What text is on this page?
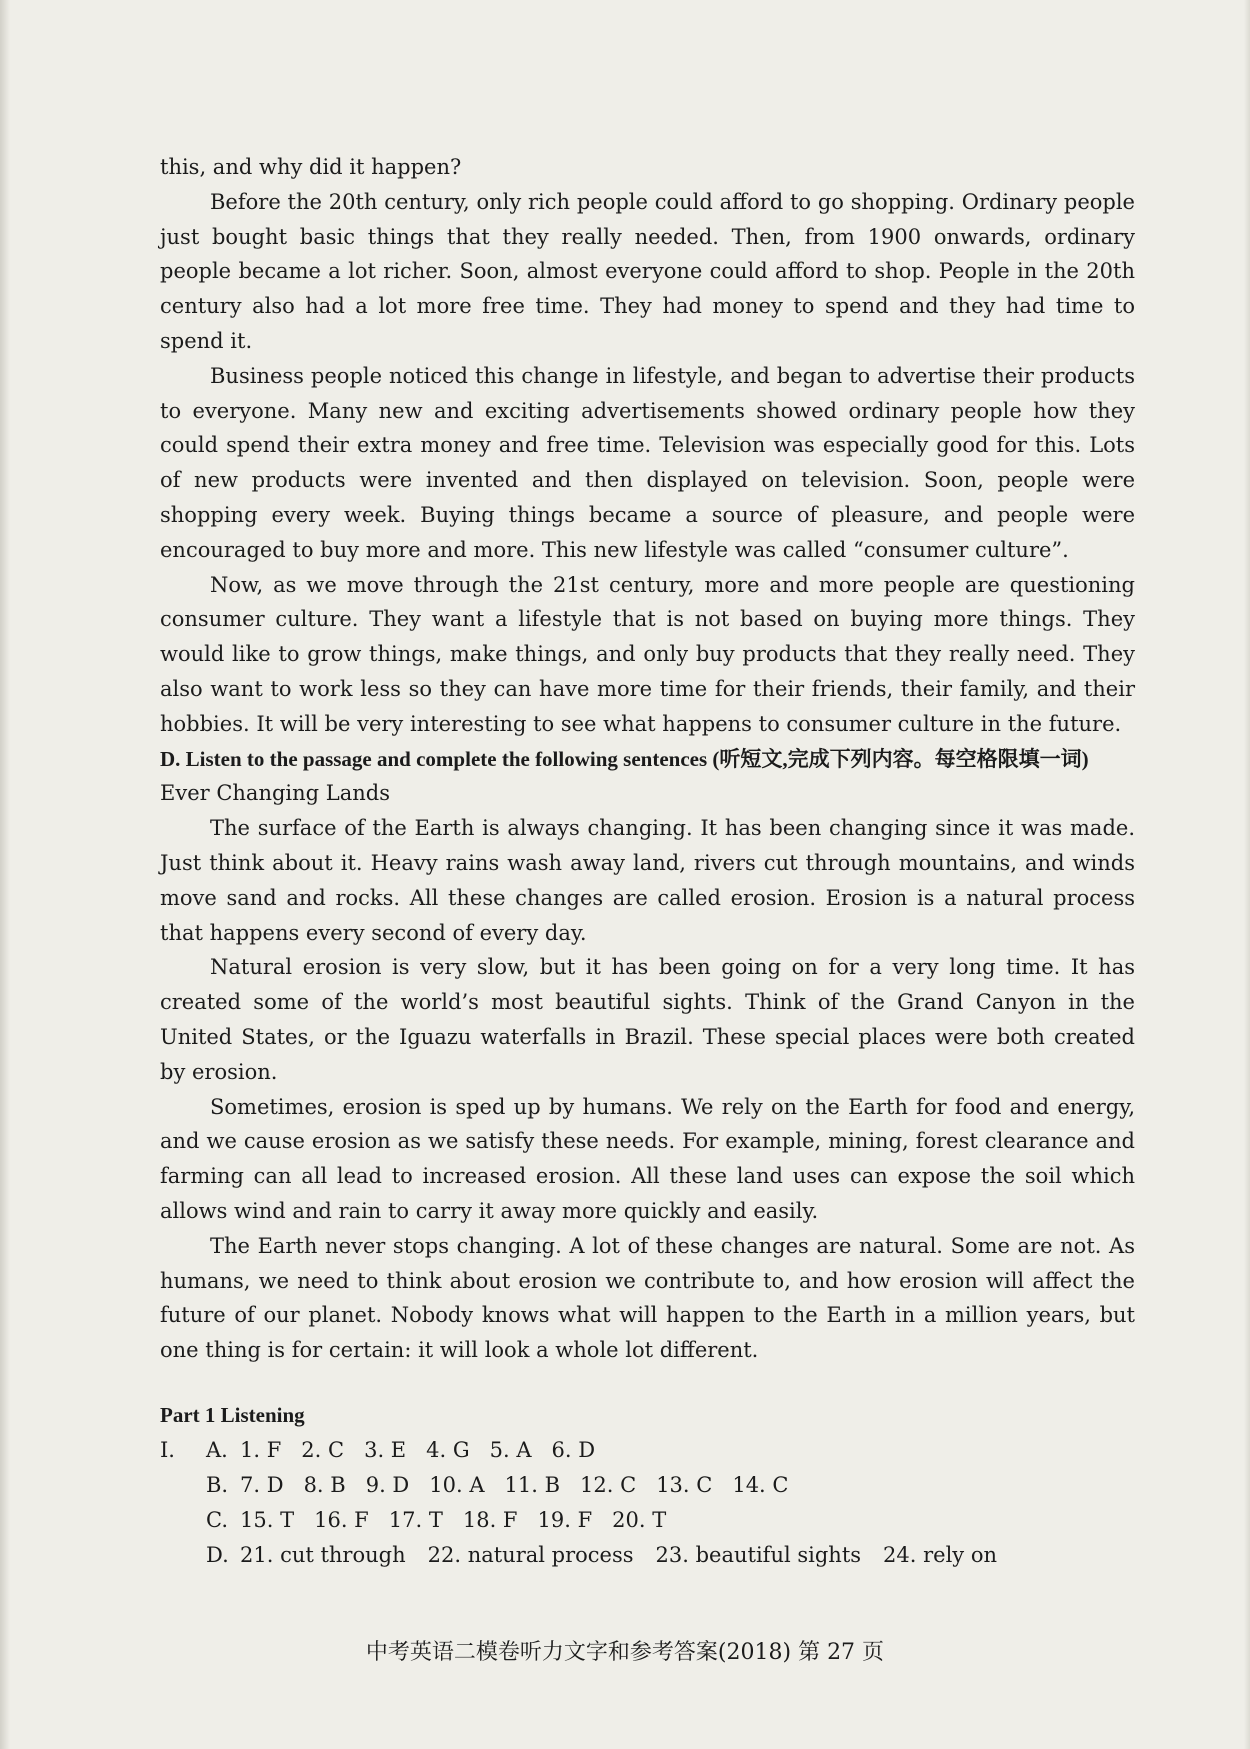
this, and why did it happen?

Before the 20th century, only rich people could afford to go shopping. Ordinary people just bought basic things that they really needed. Then, from 1900 onwards, ordinary people became a lot richer. Soon, almost everyone could afford to shop. People in the 20th century also had a lot more free time. They had money to spend and they had time to spend it.

Business people noticed this change in lifestyle, and began to advertise their products to everyone. Many new and exciting advertisements showed ordinary people how they could spend their extra money and free time. Television was especially good for this. Lots of new products were invented and then displayed on television. Soon, people were shopping every week. Buying things became a source of pleasure, and people were encouraged to buy more and more. This new lifestyle was called “consumer culture”.

Now, as we move through the 21st century, more and more people are questioning consumer culture. They want a lifestyle that is not based on buying more things. They would like to grow things, make things, and only buy products that they really need. They also want to work less so they can have more time for their friends, their family, and their hobbies. It will be very interesting to see what happens to consumer culture in the future.

D. Listen to the passage and complete the following sentences (听短文,完成下列内容。每空格限填一词)

Ever Changing Lands

The surface of the Earth is always changing. It has been changing since it was made. Just think about it. Heavy rains wash away land, rivers cut through mountains, and winds move sand and rocks. All these changes are called erosion. Erosion is a natural process that happens every second of every day.

Natural erosion is very slow, but it has been going on for a very long time. It has created some of the world’s most beautiful sights. Think of the Grand Canyon in the United States, or the Iguazu waterfalls in Brazil. These special places were both created by erosion.

Sometimes, erosion is sped up by humans. We rely on the Earth for food and energy, and we cause erosion as we satisfy these needs. For example, mining, forest clearance and farming can all lead to increased erosion. All these land uses can expose the soil which allows wind and rain to carry it away more quickly and easily.

The Earth never stops changing. A lot of these changes are natural. Some are not. As humans, we need to think about erosion we contribute to, and how erosion will affect the future of our planet. Nobody knows what will happen to the Earth in a million years, but one thing is for certain: it will look a whole lot different.

Part 1 Listening
Ⅰ. A. 1. F 2. C 3. E 4. G 5. A 6. D
B. 7. D 8. B 9. D 10. A 11. B 12. C 13. C 14. C
C. 15. T 16. F 17. T 18. F 19. F 20. T
D. 21. cut through 22. natural process 23. beautiful sights 24. rely on
中考英语二模卷听力文字和参考答案(2018) 第 27 页
